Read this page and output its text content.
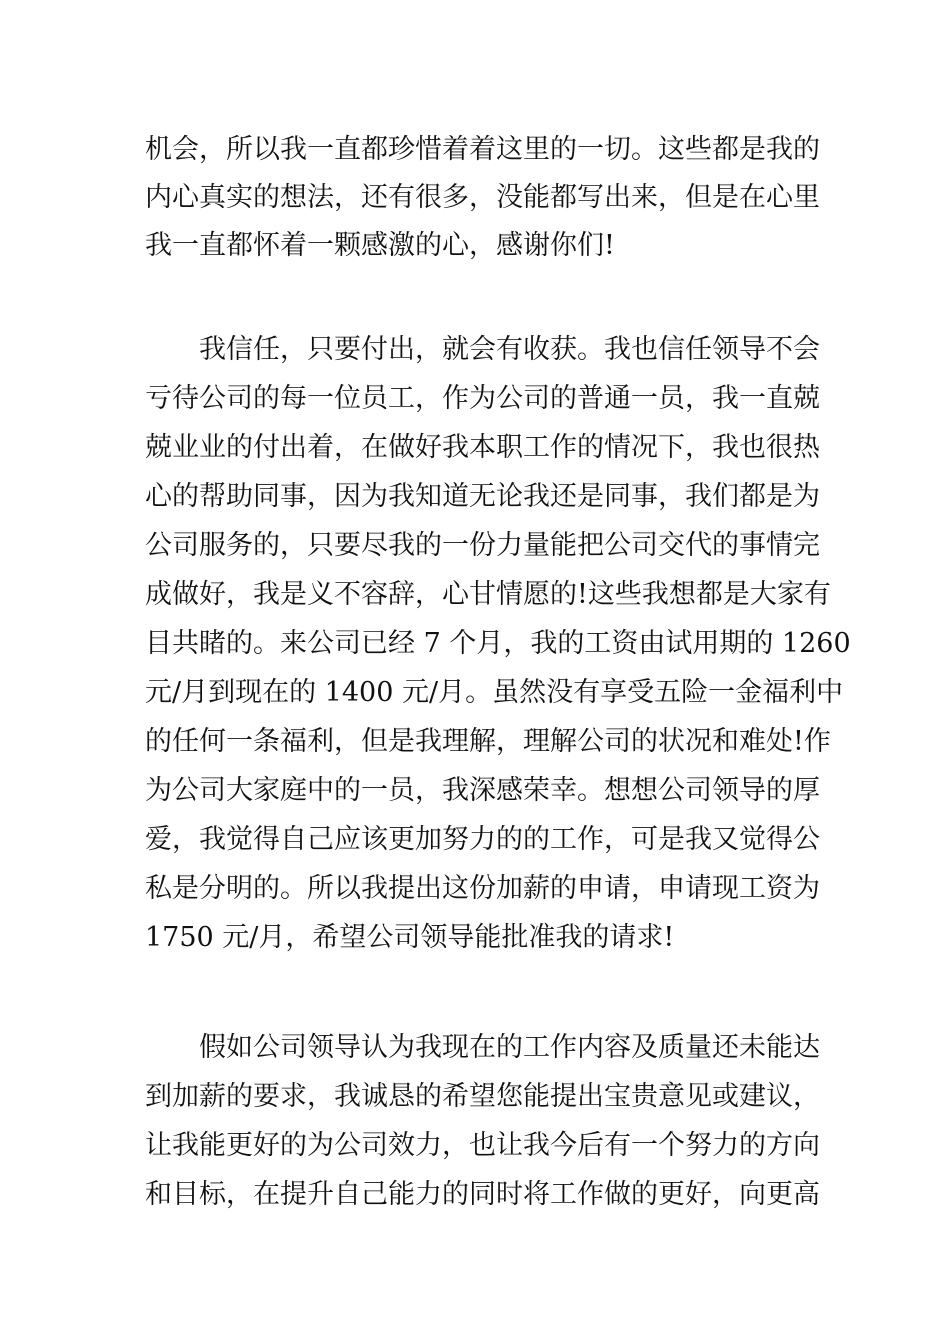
机会，所以我一直都珍惜着着这里的一切。这些都是我的
内心真实的想法，还有很多，没能都写出来，但是在心里
我一直都怀着一颗感激的心，感谢你们!
我信任，只要付出，就会有收获。我也信任领导不会
亏待公司的每一位员工，作为公司的普通一员，我一直兢
兢业业的付出着，在做好我本职工作的情况下，我也很热
心的帮助同事，因为我知道无论我还是同事，我们都是为
公司服务的，只要尽我的一份力量能把公司交代的事情完
成做好，我是义不容辞，心甘情愿的!这些我想都是大家有
目共睹的。来公司已经 7 个月，我的工资由试用期的 1260
元/月到现在的 1400 元/月。虽然没有享受五险一金福利中
的任何一条福利，但是我理解，理解公司的状况和难处!作
为公司大家庭中的一员，我深感荣幸。想想公司领导的厚
爱，我觉得自己应该更加努力的的工作，可是我又觉得公
私是分明的。所以我提出这份加薪的申请，申请现工资为
1750 元/月，希望公司领导能批准我的请求!
假如公司领导认为我现在的工作内容及质量还未能达
到加薪的要求，我诚恳的希望您能提出宝贵意见或建议，
让我能更好的为公司效力，也让我今后有一个努力的方向
和目标，在提升自己能力的同时将工作做的更好，向更高
